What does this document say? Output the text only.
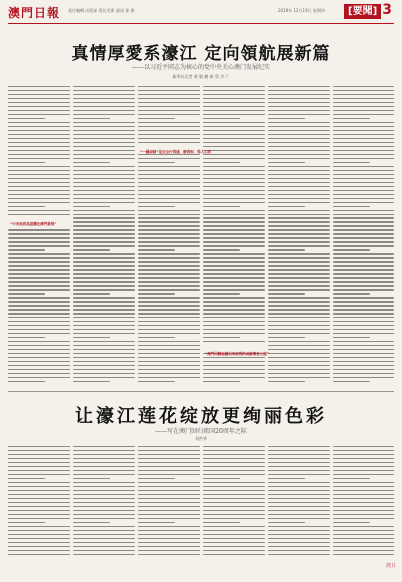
澳門日報 責任編輯 出版部 責任美術 潘深 孫 棋	2019年 12月19日 星期四	[要聞] 3
真情厚愛系濠江 定向領航展新篇
——以习近平同志为核心的党中央关心澳门发展纪实
新华社记者 黄 敏 鹏 新 蔡 学 广
“中央政府高度關注澳門發展”
“一國兩制”是完全行得通、辦得到、得人心的
“澳門回歸祖國以來取得的成就舉世公認”
让濠江莲花绽放更绚丽色彩
——写在澳门回归祖国20周年之际
刘洪华
澳日
